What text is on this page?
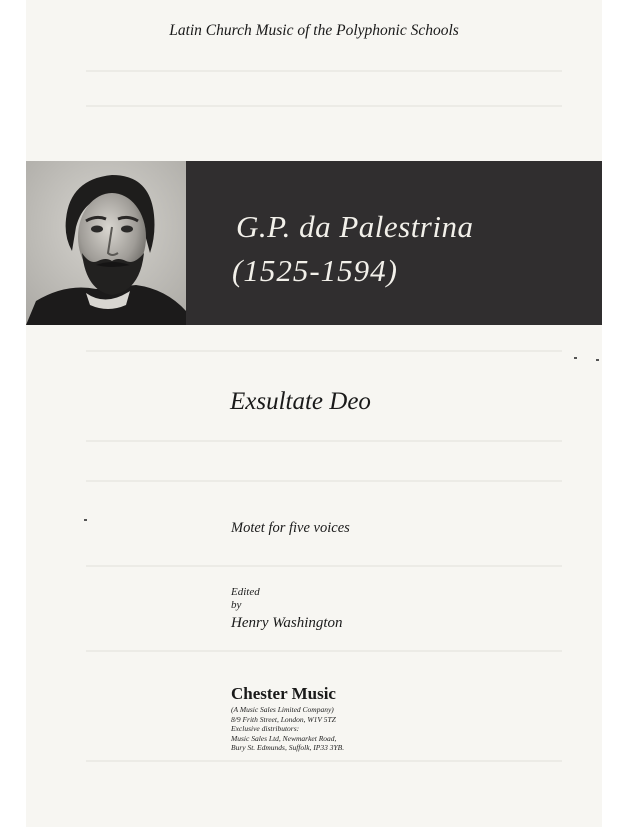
Latin Church Music of the Polyphonic Schools
G.P. da Palestrina
(1525-1594)
Exsultate Deo
Motet for five voices
Edited
by
Henry Washington
Chester Music
(A Music Sales Limited Company)
8/9 Frith Street, London, W1V 5TZ
Exclusive distributors:
Music Sales Ltd, Newmarket Road,
Bury St. Edmunds, Suffolk, IP33 3YB.
